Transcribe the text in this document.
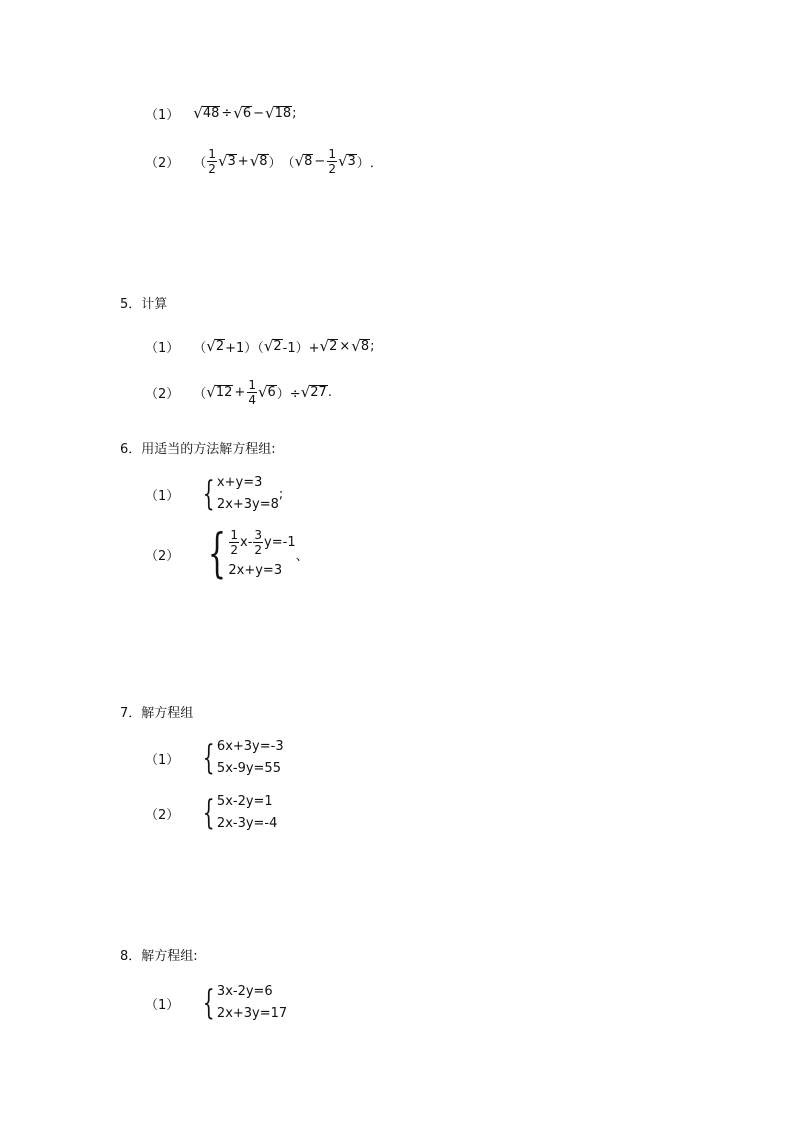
（1） √ 48 ÷ √ 6 − √ 18 ;
（2） （ $\frac{1}{2}$ √ 3 + √ 8 ） （ √ $8 - \frac{1}{2}$ √ 3 ） ．
5．计算
（1） （ √ 2 +1）（ √ 2 -1）+ √ 2 × √ 8 ;
（2） （ √ $12 + \frac{1}{4}$ √ 6 ）÷ √ 27 .
6．用适当的方法解方程组:
（1） { x+y=3
2x+3y=8
;
（2） { $\frac{1}{2} x- \frac{3}{2} y=-1$
2x+y=3
、
7．解方程组
（1） { 6x+3y=-3
5x-9y=55
（2） { 5x-2y=1
2x-3y=-4
8．解方程组:
（1） { 3x-2y=6
2x+3y=17
